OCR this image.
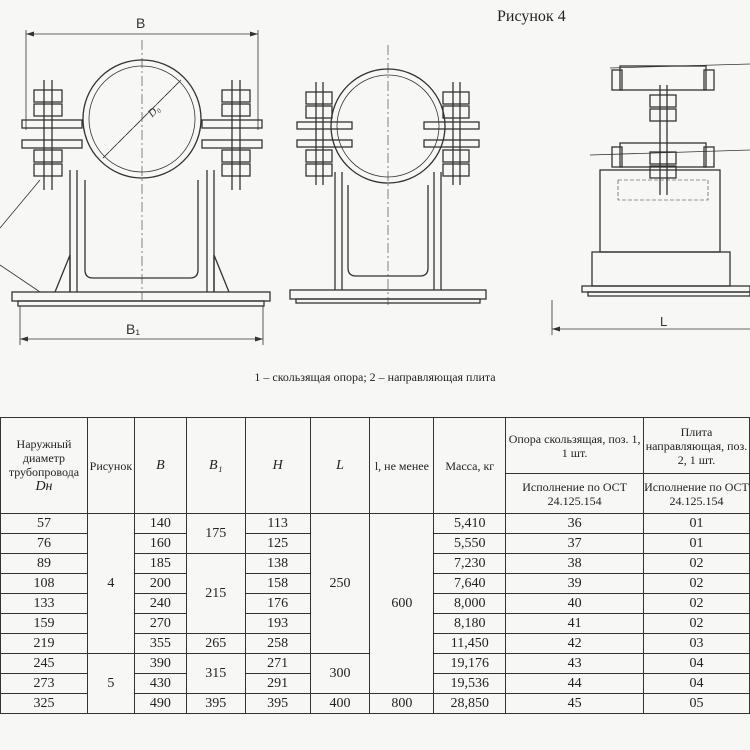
B
B₁
D₀
L
Рисунок 4
1 – скользящая опора; 2 – направляющая плита
Наружный диаметр трубопровода Dн	Рисунок	B	B₁	H	L	l, не менее	Масса, кг	Опора скользящая, поз. 1, 1 шт.	Плита направляющая, поз. 2, 1 шт.
								Исполнение по ОСТ 24.125.154	Исполнение по ОСТ 24.125.154
57	4	140	175	113	250	600	5,410	36	01
76		160		125			5,550	37	01
89		185	215	138			7,230	38	02
108		200		158			7,640	39	02
133		240		176			8,000	40	02
159		270		193			8,180	41	02
219		355	265	258			11,450	42	03
245	5	390	315	271	300		19,176	43	04
273		430		291			19,536	44	04
325		490	395	395	400	800	28,850	45	05
